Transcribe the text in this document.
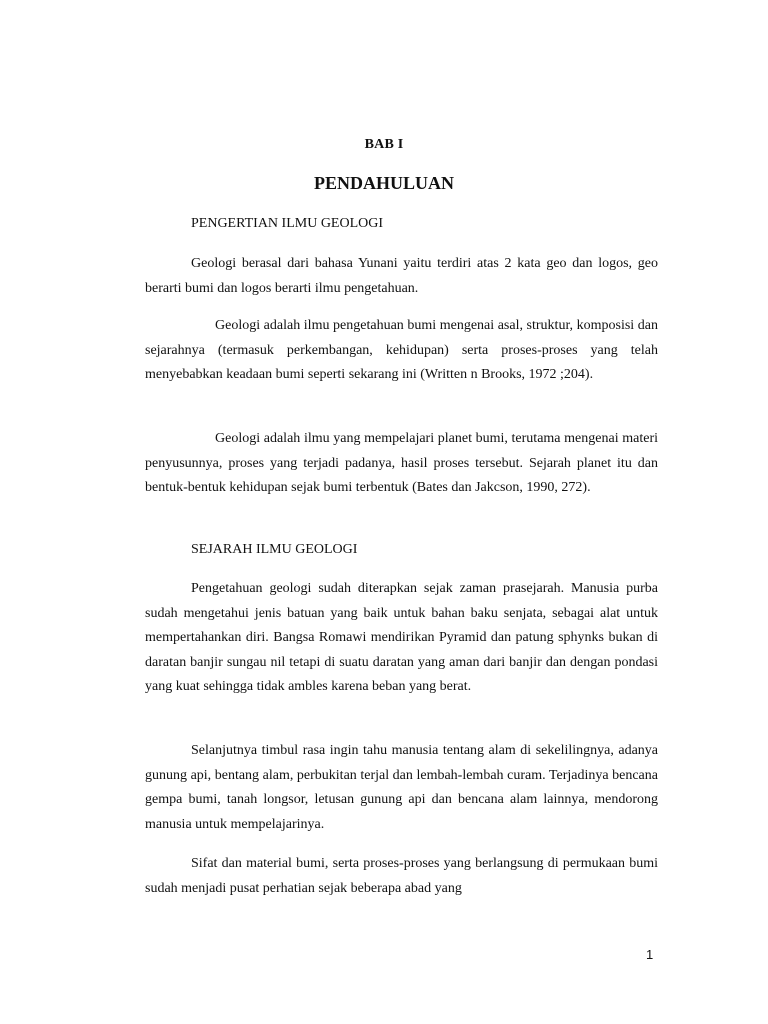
BAB I
PENDAHULUAN
PENGERTIAN ILMU GEOLOGI

Geologi berasal dari bahasa Yunani yaitu terdiri atas 2 kata geo dan logos, geo berarti bumi dan logos berarti ilmu pengetahuan.

Geologi adalah ilmu pengetahuan bumi mengenai asal, struktur, komposisi dan sejarahnya (termasuk perkembangan, kehidupan) serta proses-proses yang telah menyebabkan keadaan bumi seperti sekarang ini (Written n Brooks, 1972 ;204).

Geologi adalah ilmu yang mempelajari planet bumi, terutama mengenai materi penyusunnya, proses yang terjadi padanya, hasil proses tersebut. Sejarah planet itu dan bentuk-bentuk kehidupan sejak bumi terbentuk (Bates dan Jakcson, 1990, 272).

SEJARAH ILMU GEOLOGI

Pengetahuan geologi sudah diterapkan sejak zaman prasejarah. Manusia purba sudah mengetahui jenis batuan yang baik untuk bahan baku senjata, sebagai alat untuk mempertahankan diri. Bangsa Romawi mendirikan Pyramid dan patung sphynks bukan di daratan banjir sungau nil tetapi di suatu daratan yang aman dari banjir dan dengan pondasi yang kuat sehingga tidak ambles karena beban yang berat.

Selanjutnya timbul rasa ingin tahu manusia tentang alam di sekelilingnya, adanya gunung api, bentang alam, perbukitan terjal dan lembah-lembah curam. Terjadinya bencana gempa bumi, tanah longsor, letusan gunung api dan bencana alam lainnya, mendorong manusia untuk mempelajarinya.

Sifat dan material bumi, serta proses-proses yang berlangsung di permukaan bumi sudah menjadi pusat perhatian sejak beberapa abad yang

1
